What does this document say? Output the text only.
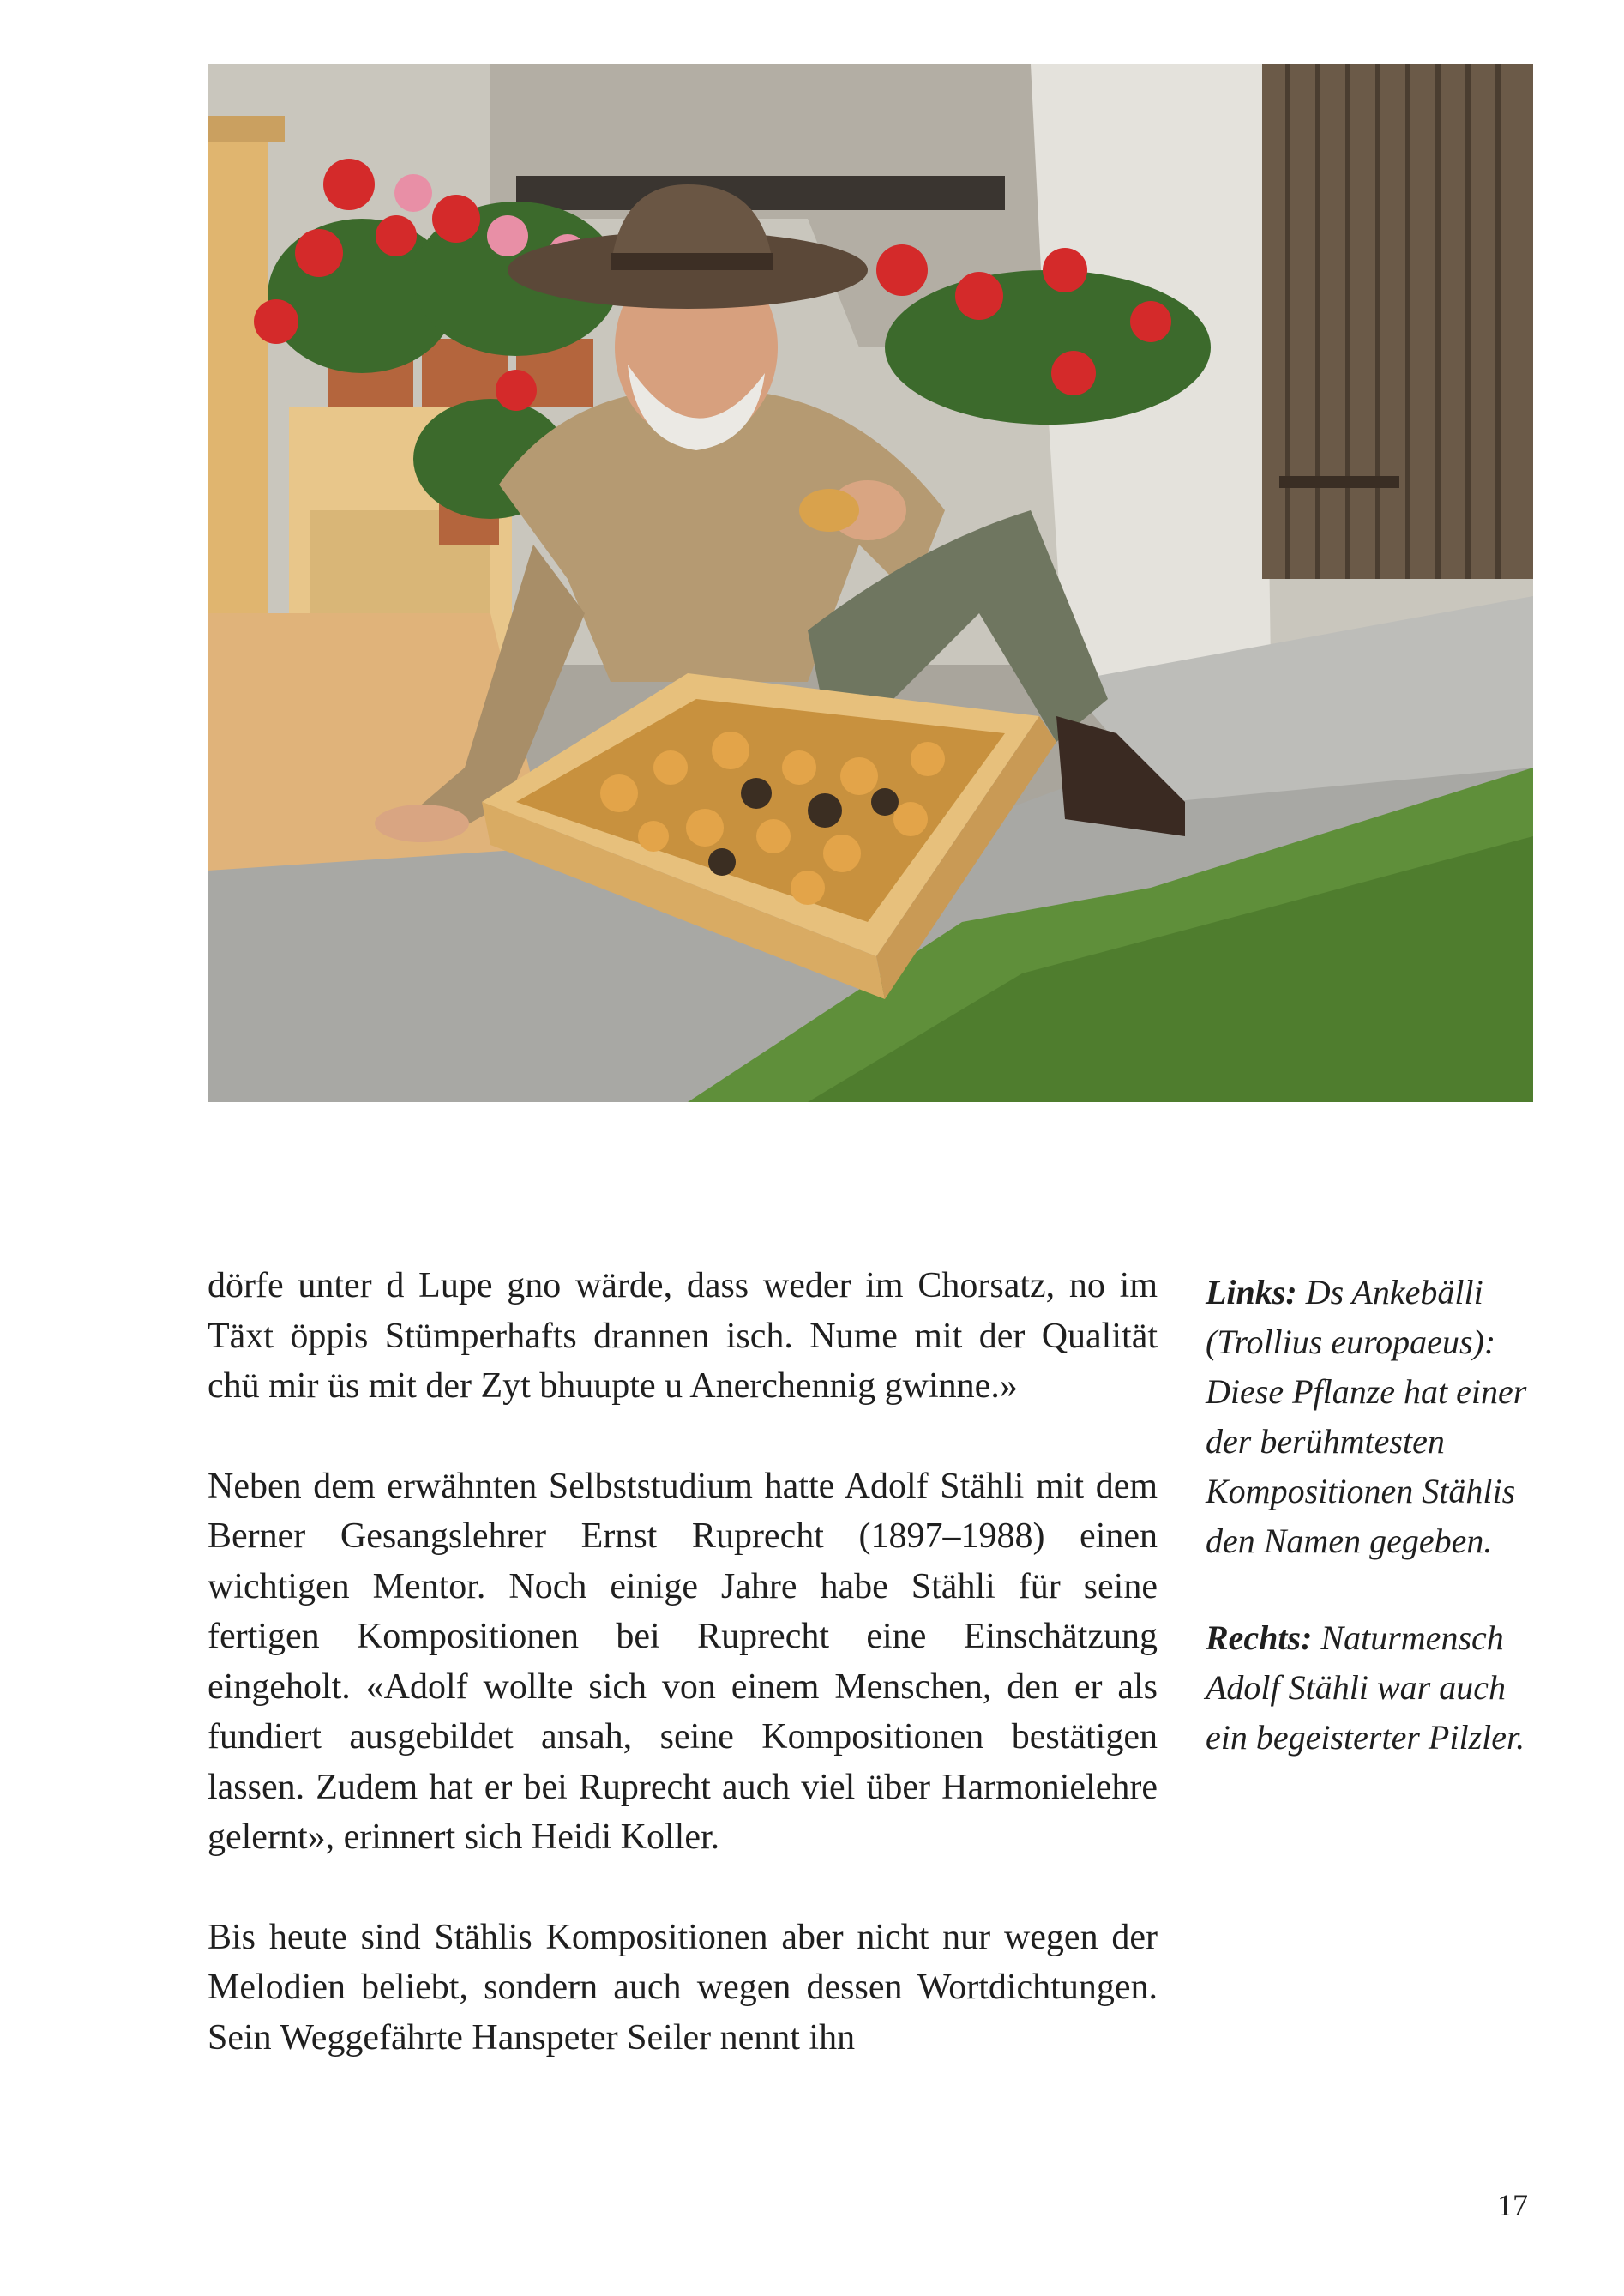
dörfe unter d Lupe gno wärde, dass weder im Chorsatz, no im Täxt öppis Stümperhafts drannen isch. Nume mit der Qualität chü mir üs mit der Zyt bhuupte u Anerchennig gwinne.»

Neben dem erwähnten Selbststudium hatte Adolf Stähli mit dem Berner Gesangslehrer Ernst Ruprecht (1897–1988) einen wichtigen Mentor. Noch einige Jahre habe Stähli für seine fertigen Kompositionen bei Ruprecht eine Einschätzung eingeholt. «Adolf wollte sich von einem Menschen, den er als fundiert ausgebildet ansah, seine Kompositionen bestätigen lassen. Zudem hat er bei Ruprecht auch viel über Harmonielehre gelernt», erinnert sich Heidi Koller.

Bis heute sind Stählis Kompositionen aber nicht nur wegen der Melodien beliebt, sondern auch wegen dessen Wortdichtungen. Sein Weggefährte Hanspeter Seiler nennt ihn

Links: Ds Ankebälli (Trollius europaeus): Diese Pflanze hat einer der berühmtesten Kompositionen Stählis den Namen gegeben.

Rechts: Naturmensch Adolf Stähli war auch ein begeisterter Pilzler.

17
